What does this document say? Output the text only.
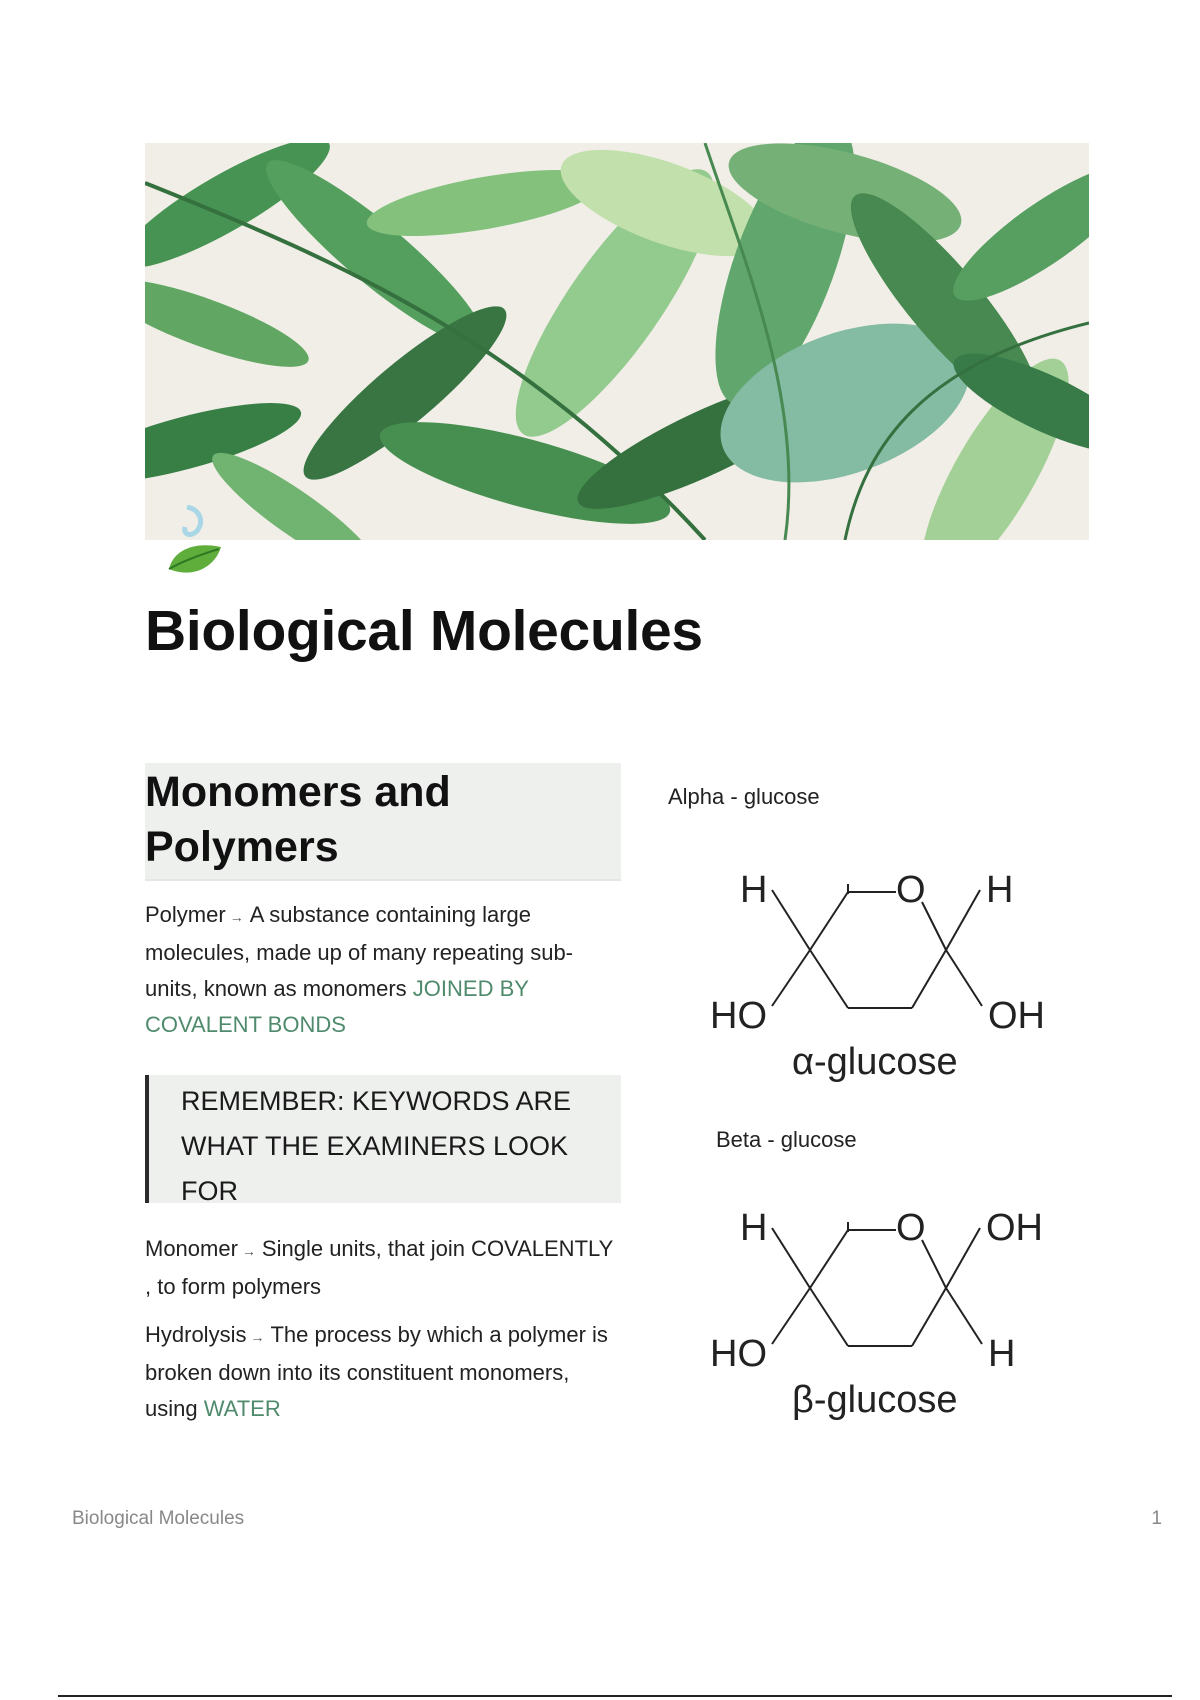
Biological Molecules
Monomers and Polymers

Polymer → A substance containing large molecules, made up of many repeating sub-units, known as monomers JOINED BY COVALENT BONDS

REMEMBER: KEYWORDS ARE
WHAT THE EXAMINERS LOOK
FOR

Monomer → Single units, that join COVALENTLY , to form polymers

Hydrolysis → The process by which a polymer is broken down into its constituent monomers, using WATER

Alpha - glucose
H	O H
HO	OH
α-glucose
Beta - glucose
H	O OH
HO	H
β-glucose
Biological Molecules	1
